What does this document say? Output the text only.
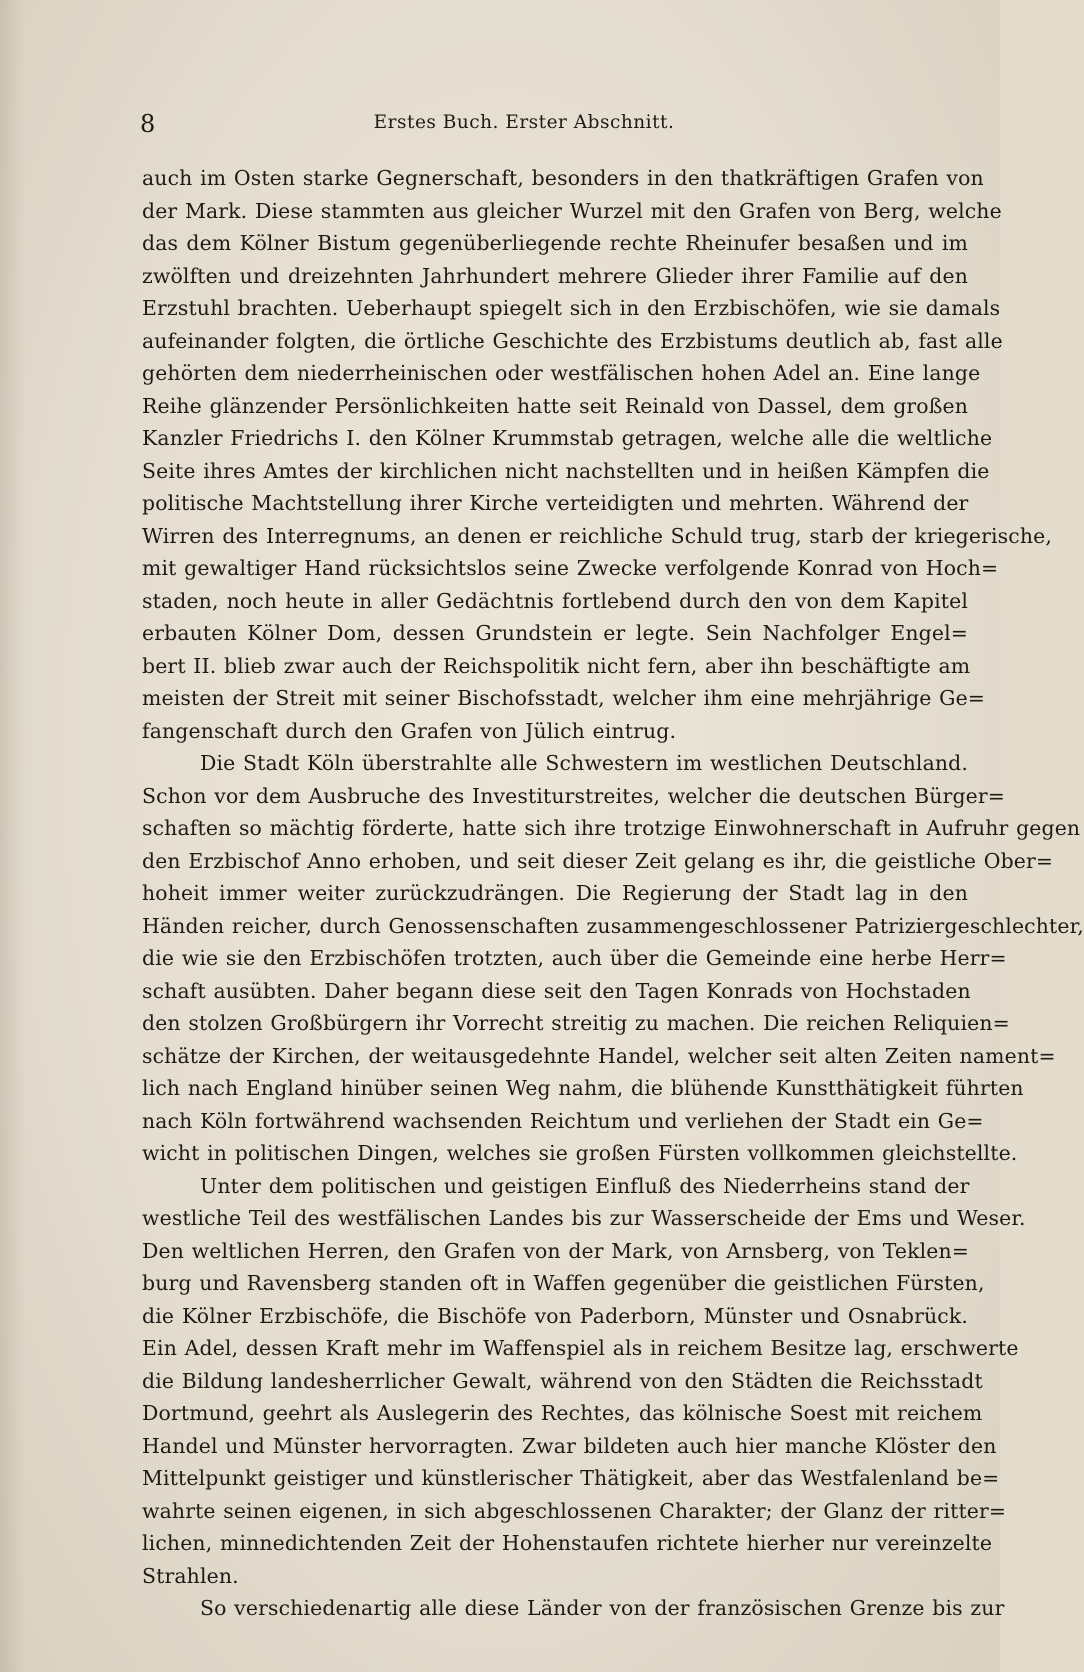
8	Erstes Buch. Erster Abschnitt.
auch im Osten starke Gegnerschaft, besonders in den thatkräftigen Grafen von
der Mark. Diese stammten aus gleicher Wurzel mit den Grafen von Berg, welche
das dem Kölner Bistum gegenüberliegende rechte Rheinufer besaßen und im
zwölften und dreizehnten Jahrhundert mehrere Glieder ihrer Familie auf den
Erzstuhl brachten. Ueberhaupt spiegelt sich in den Erzbischöfen, wie sie damals
aufeinander folgten, die örtliche Geschichte des Erzbistums deutlich ab, fast alle
gehörten dem niederrheinischen oder westfälischen hohen Adel an. Eine lange
Reihe glänzender Persönlichkeiten hatte seit Reinald von Dassel, dem großen
Kanzler Friedrichs I. den Kölner Krummstab getragen, welche alle die weltliche
Seite ihres Amtes der kirchlichen nicht nachstellten und in heißen Kämpfen die
politische Machtstellung ihrer Kirche verteidigten und mehrten. Während der
Wirren des Interregnums, an denen er reichliche Schuld trug, starb der kriegerische,
mit gewaltiger Hand rücksichtslos seine Zwecke verfolgende Konrad von Hoch=
staden, noch heute in aller Gedächtnis fortlebend durch den von dem Kapitel
erbauten Kölner Dom, dessen Grundstein er legte. Sein Nachfolger Engel=
bert II. blieb zwar auch der Reichspolitik nicht fern, aber ihn beschäftigte am
meisten der Streit mit seiner Bischofsstadt, welcher ihm eine mehrjährige Ge=
fangenschaft durch den Grafen von Jülich eintrug.
Die Stadt Köln überstrahlte alle Schwestern im westlichen Deutschland.
Schon vor dem Ausbruche des Investiturstreites, welcher die deutschen Bürger=
schaften so mächtig förderte, hatte sich ihre trotzige Einwohnerschaft in Aufruhr gegen
den Erzbischof Anno erhoben, und seit dieser Zeit gelang es ihr, die geistliche Ober=
hoheit immer weiter zurückzudrängen. Die Regierung der Stadt lag in den
Händen reicher, durch Genossenschaften zusammengeschlossener Patriziergeschlechter,
die wie sie den Erzbischöfen trotzten, auch über die Gemeinde eine herbe Herr=
schaft ausübten. Daher begann diese seit den Tagen Konrads von Hochstaden
den stolzen Großbürgern ihr Vorrecht streitig zu machen. Die reichen Reliquien=
schätze der Kirchen, der weitausgedehnte Handel, welcher seit alten Zeiten nament=
lich nach England hinüber seinen Weg nahm, die blühende Kunstthätigkeit führten
nach Köln fortwährend wachsenden Reichtum und verliehen der Stadt ein Ge=
wicht in politischen Dingen, welches sie großen Fürsten vollkommen gleichstellte.
Unter dem politischen und geistigen Einfluß des Niederrheins stand der
westliche Teil des westfälischen Landes bis zur Wasserscheide der Ems und Weser.
Den weltlichen Herren, den Grafen von der Mark, von Arnsberg, von Teklen=
burg und Ravensberg standen oft in Waffen gegenüber die geistlichen Fürsten,
die Kölner Erzbischöfe, die Bischöfe von Paderborn, Münster und Osnabrück.
Ein Adel, dessen Kraft mehr im Waffenspiel als in reichem Besitze lag, erschwerte
die Bildung landesherrlicher Gewalt, während von den Städten die Reichsstadt
Dortmund, geehrt als Auslegerin des Rechtes, das kölnische Soest mit reichem
Handel und Münster hervorragten. Zwar bildeten auch hier manche Klöster den
Mittelpunkt geistiger und künstlerischer Thätigkeit, aber das Westfalenland be=
wahrte seinen eigenen, in sich abgeschlossenen Charakter; der Glanz der ritter=
lichen, minnedichtenden Zeit der Hohenstaufen richtete hierher nur vereinzelte
Strahlen.
So verschiedenartig alle diese Länder von der französischen Grenze bis zur
